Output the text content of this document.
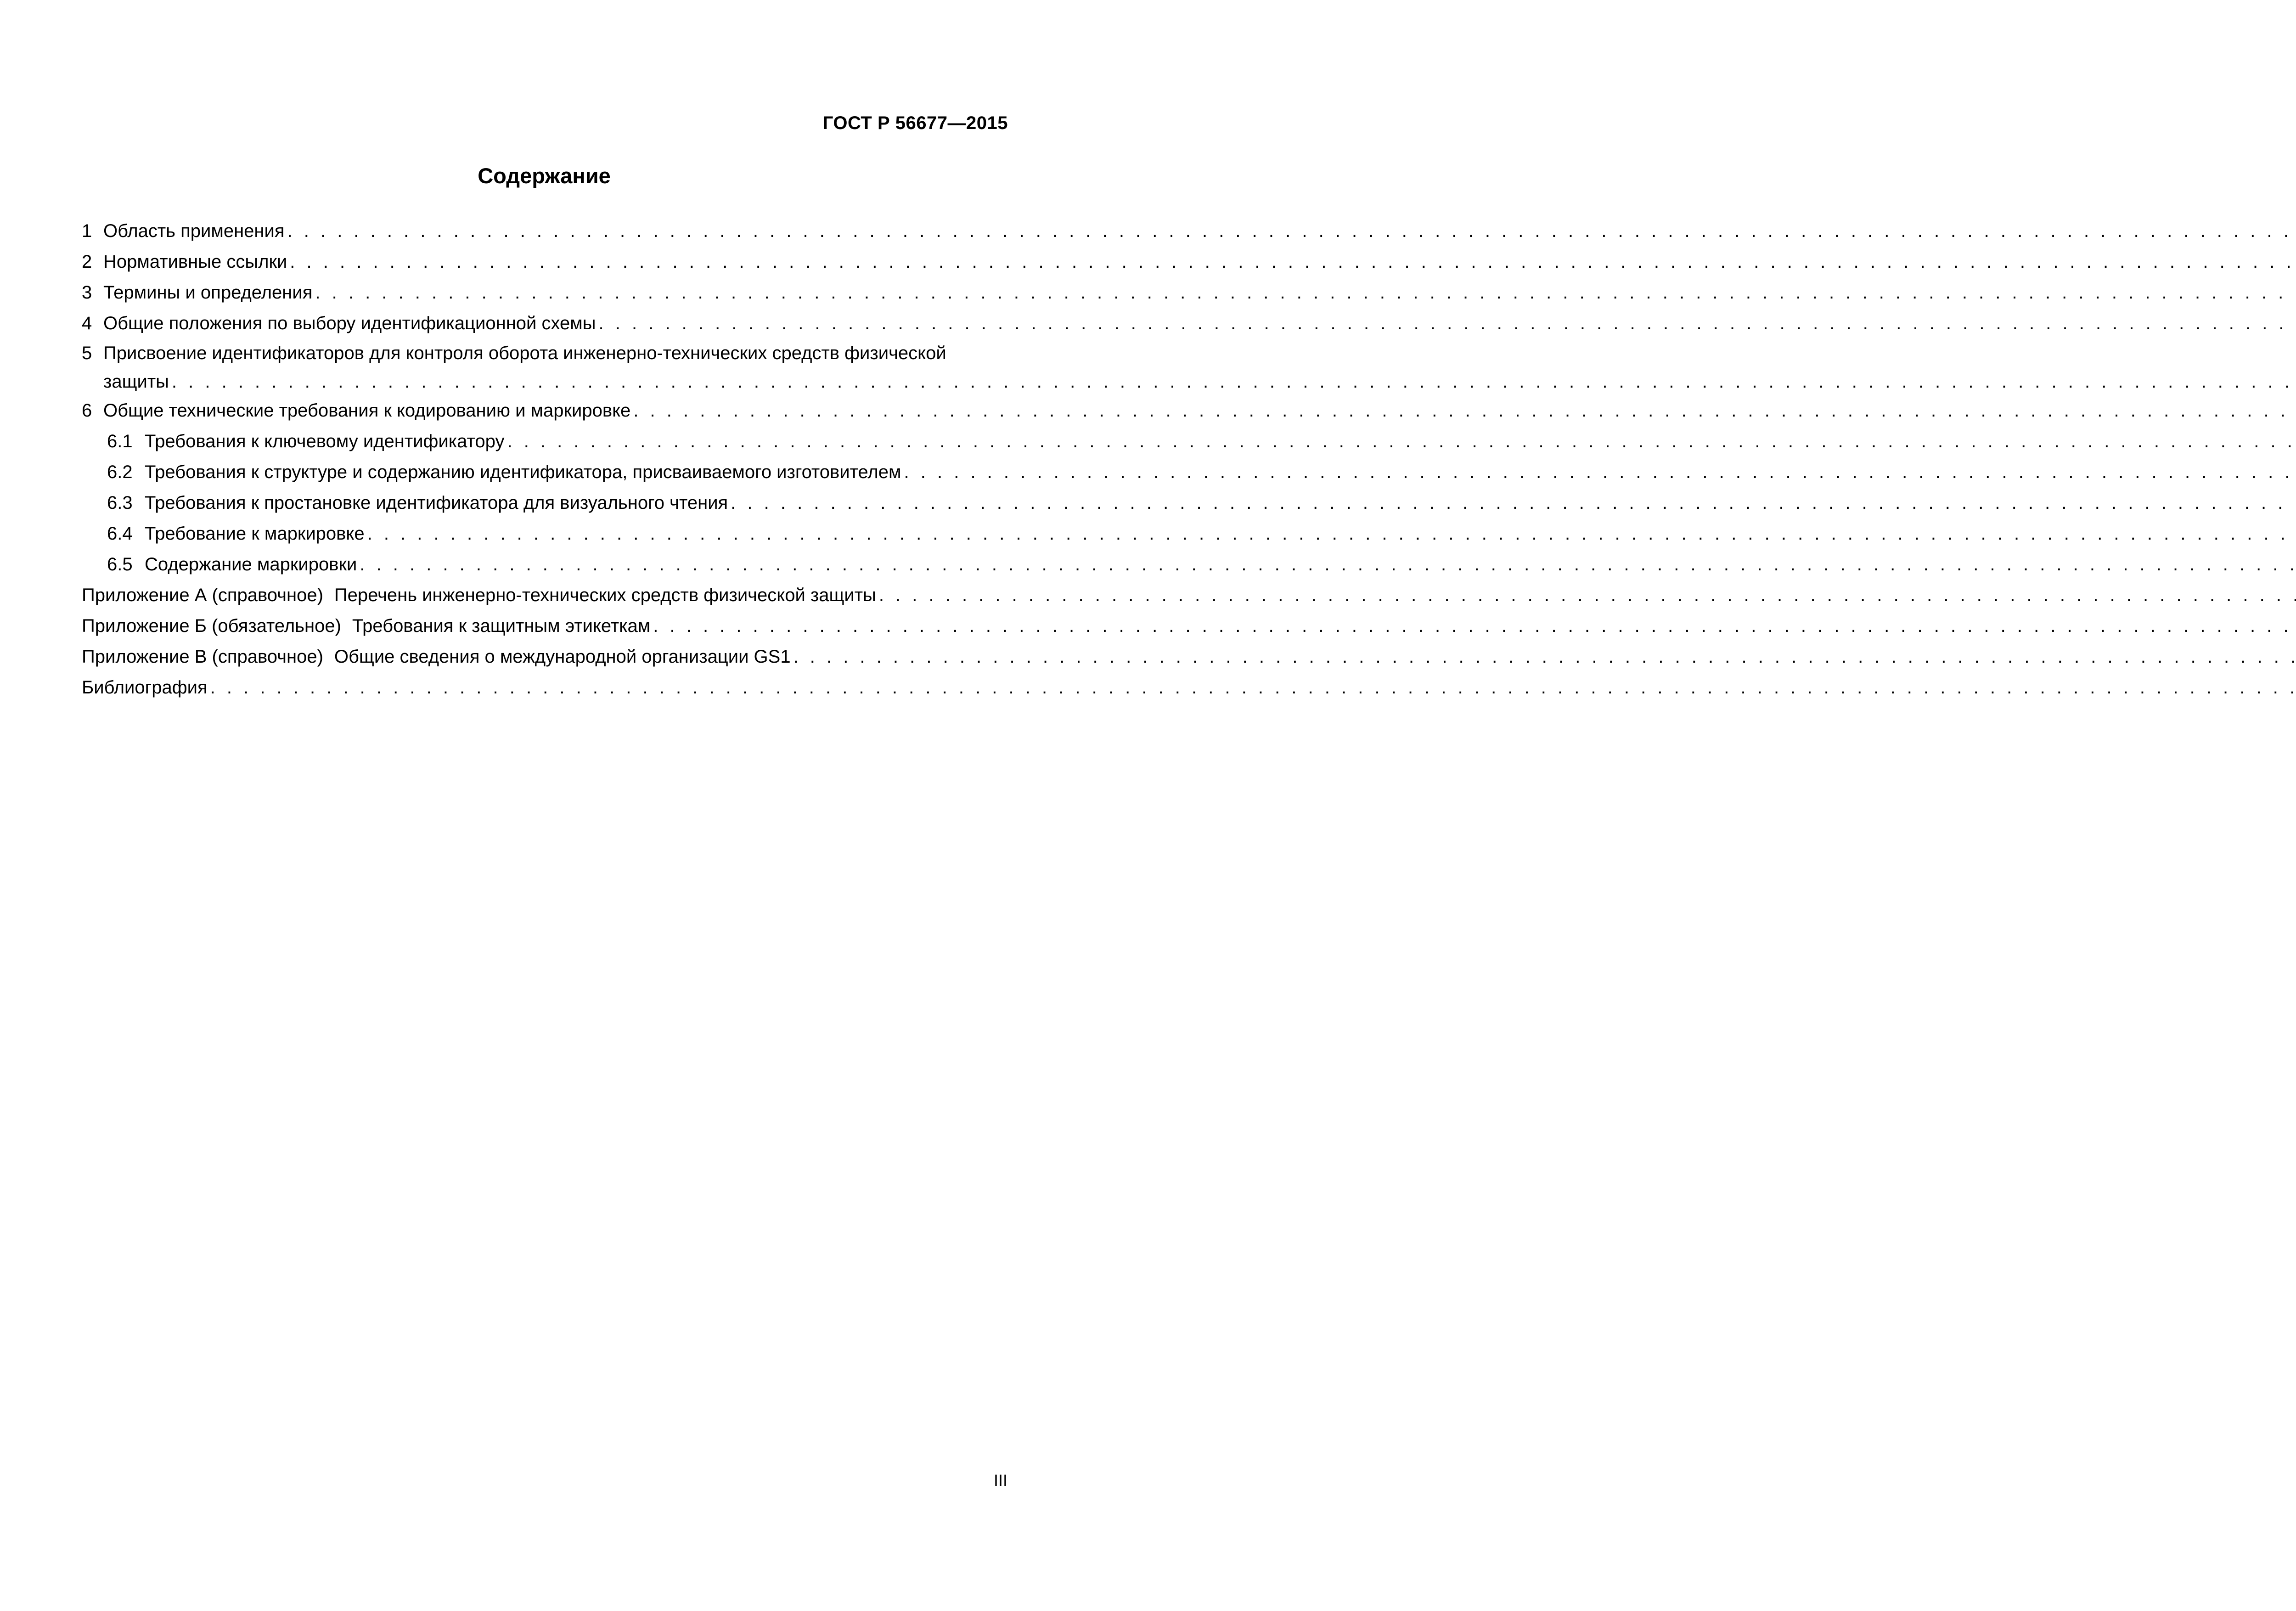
ГОСТ Р 56677—2015
Содержание
1 Область применения
. . .
2 Нормативные ссылки
. . .
3 Термины и определения
. . .
4 Общие положения по выбору идентификационной схемы
. . .
5 Присвоение идентификаторов для контроля оборота инженерно-технических средств физической
защиты
. . .
6 Общие технические требования к кодированию и маркировке
. . .
6.1 Требования к ключевому идентификатору
. . .
6.2 Требования к структуре и содержанию идентификатора, присваиваемого изготовителем
. . .
6.3 Требования к простановке идентификатора для визуального чтения
. . .
6.4 Требование к маркировке
. . .
6.5 Содержание маркировки
. . .
Приложение А (справочное) Перечень инженерно-технических средств физической защиты
. . .
Приложение Б (обязательное) Требования к защитным этикеткам
. . .
Приложение В (справочное) Общие сведения о международной организации GS1
. . .
Библиография
. . .
III
